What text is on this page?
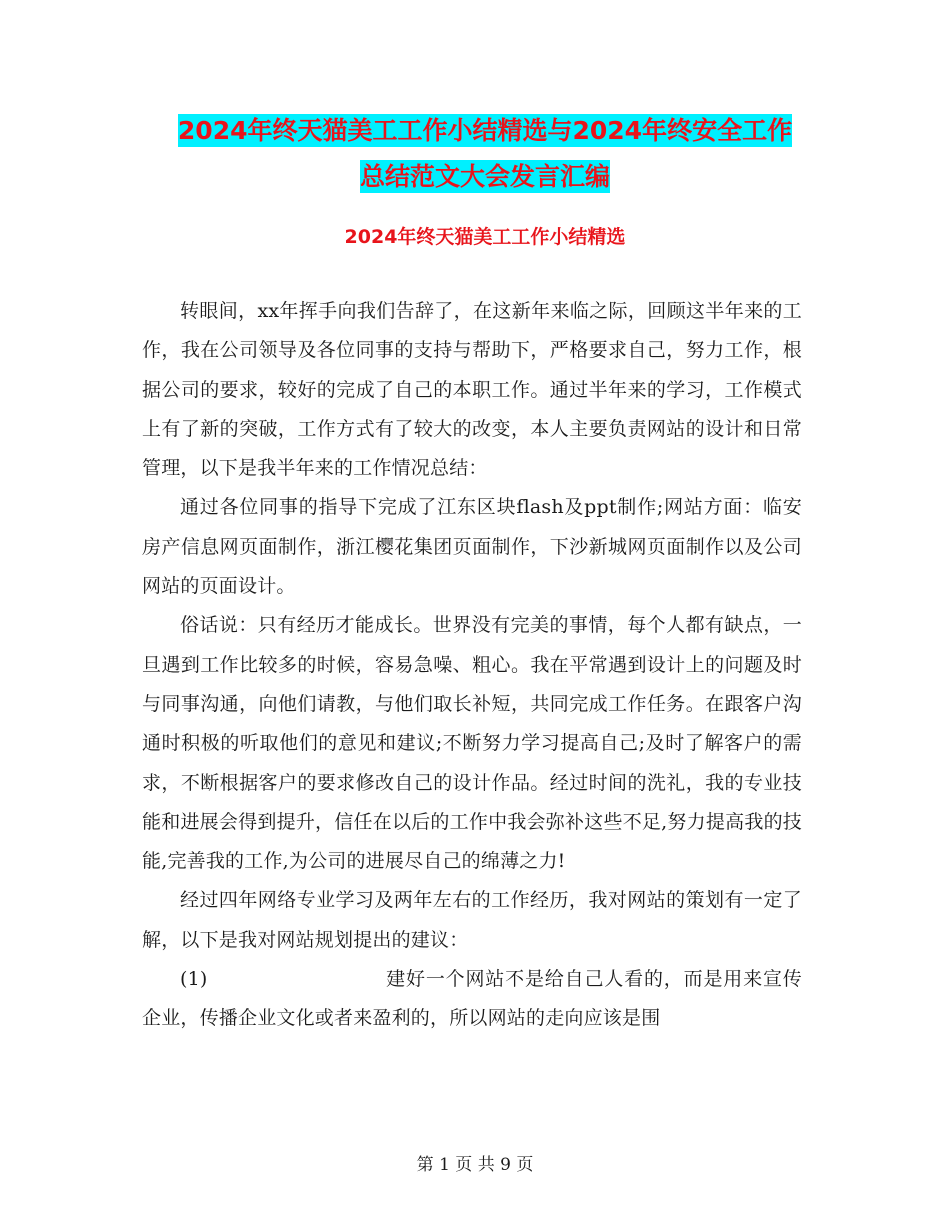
2024年终天猫美工工作小结精选与2024年终安全工作
总结范文大会发言汇编
2024年终天猫美工工作小结精选

转眼间，xx年挥手向我们告辞了，在这新年来临之际，回顾这半年来的工作，我在公司领导及各位同事的支持与帮助下，严格要求自己，努力工作，根据公司的要求，较好的完成了自己的本职工作。通过半年来的学习，工作模式上有了新的突破，工作方式有了较大的改变，本人主要负责网站的设计和日常管理，以下是我半年来的工作情况总结：

通过各位同事的指导下完成了江东区块flash及ppt制作;网站方面：临安房产信息网页面制作，浙江樱花集团页面制作，下沙新城网页面制作以及公司网站的页面设计。

俗话说：只有经历才能成长。世界没有完美的事情，每个人都有缺点，一旦遇到工作比较多的时候，容易急噪、粗心。我在平常遇到设计上的问题及时与同事沟通，向他们请教，与他们取长补短，共同完成工作任务。在跟客户沟通时积极的听取他们的意见和建议;不断努力学习提高自己;及时了解客户的需求，不断根据客户的要求修改自己的设计作品。经过时间的洗礼，我的专业技能和进展会得到提升，信任在以后的工作中我会弥补这些不足,努力提高我的技能,完善我的工作,为公司的进展尽自己的绵薄之力!

经过四年网络专业学习及两年左右的工作经历，我对网站的策划有一定了解，以下是我对网站规划提出的建议：

(1)	建好一个网站不是给自己人看的，而是用来宣传企业，传播企业文化或者来盈利的，所以网站的走向应该是围

第 1 页 共 9 页
